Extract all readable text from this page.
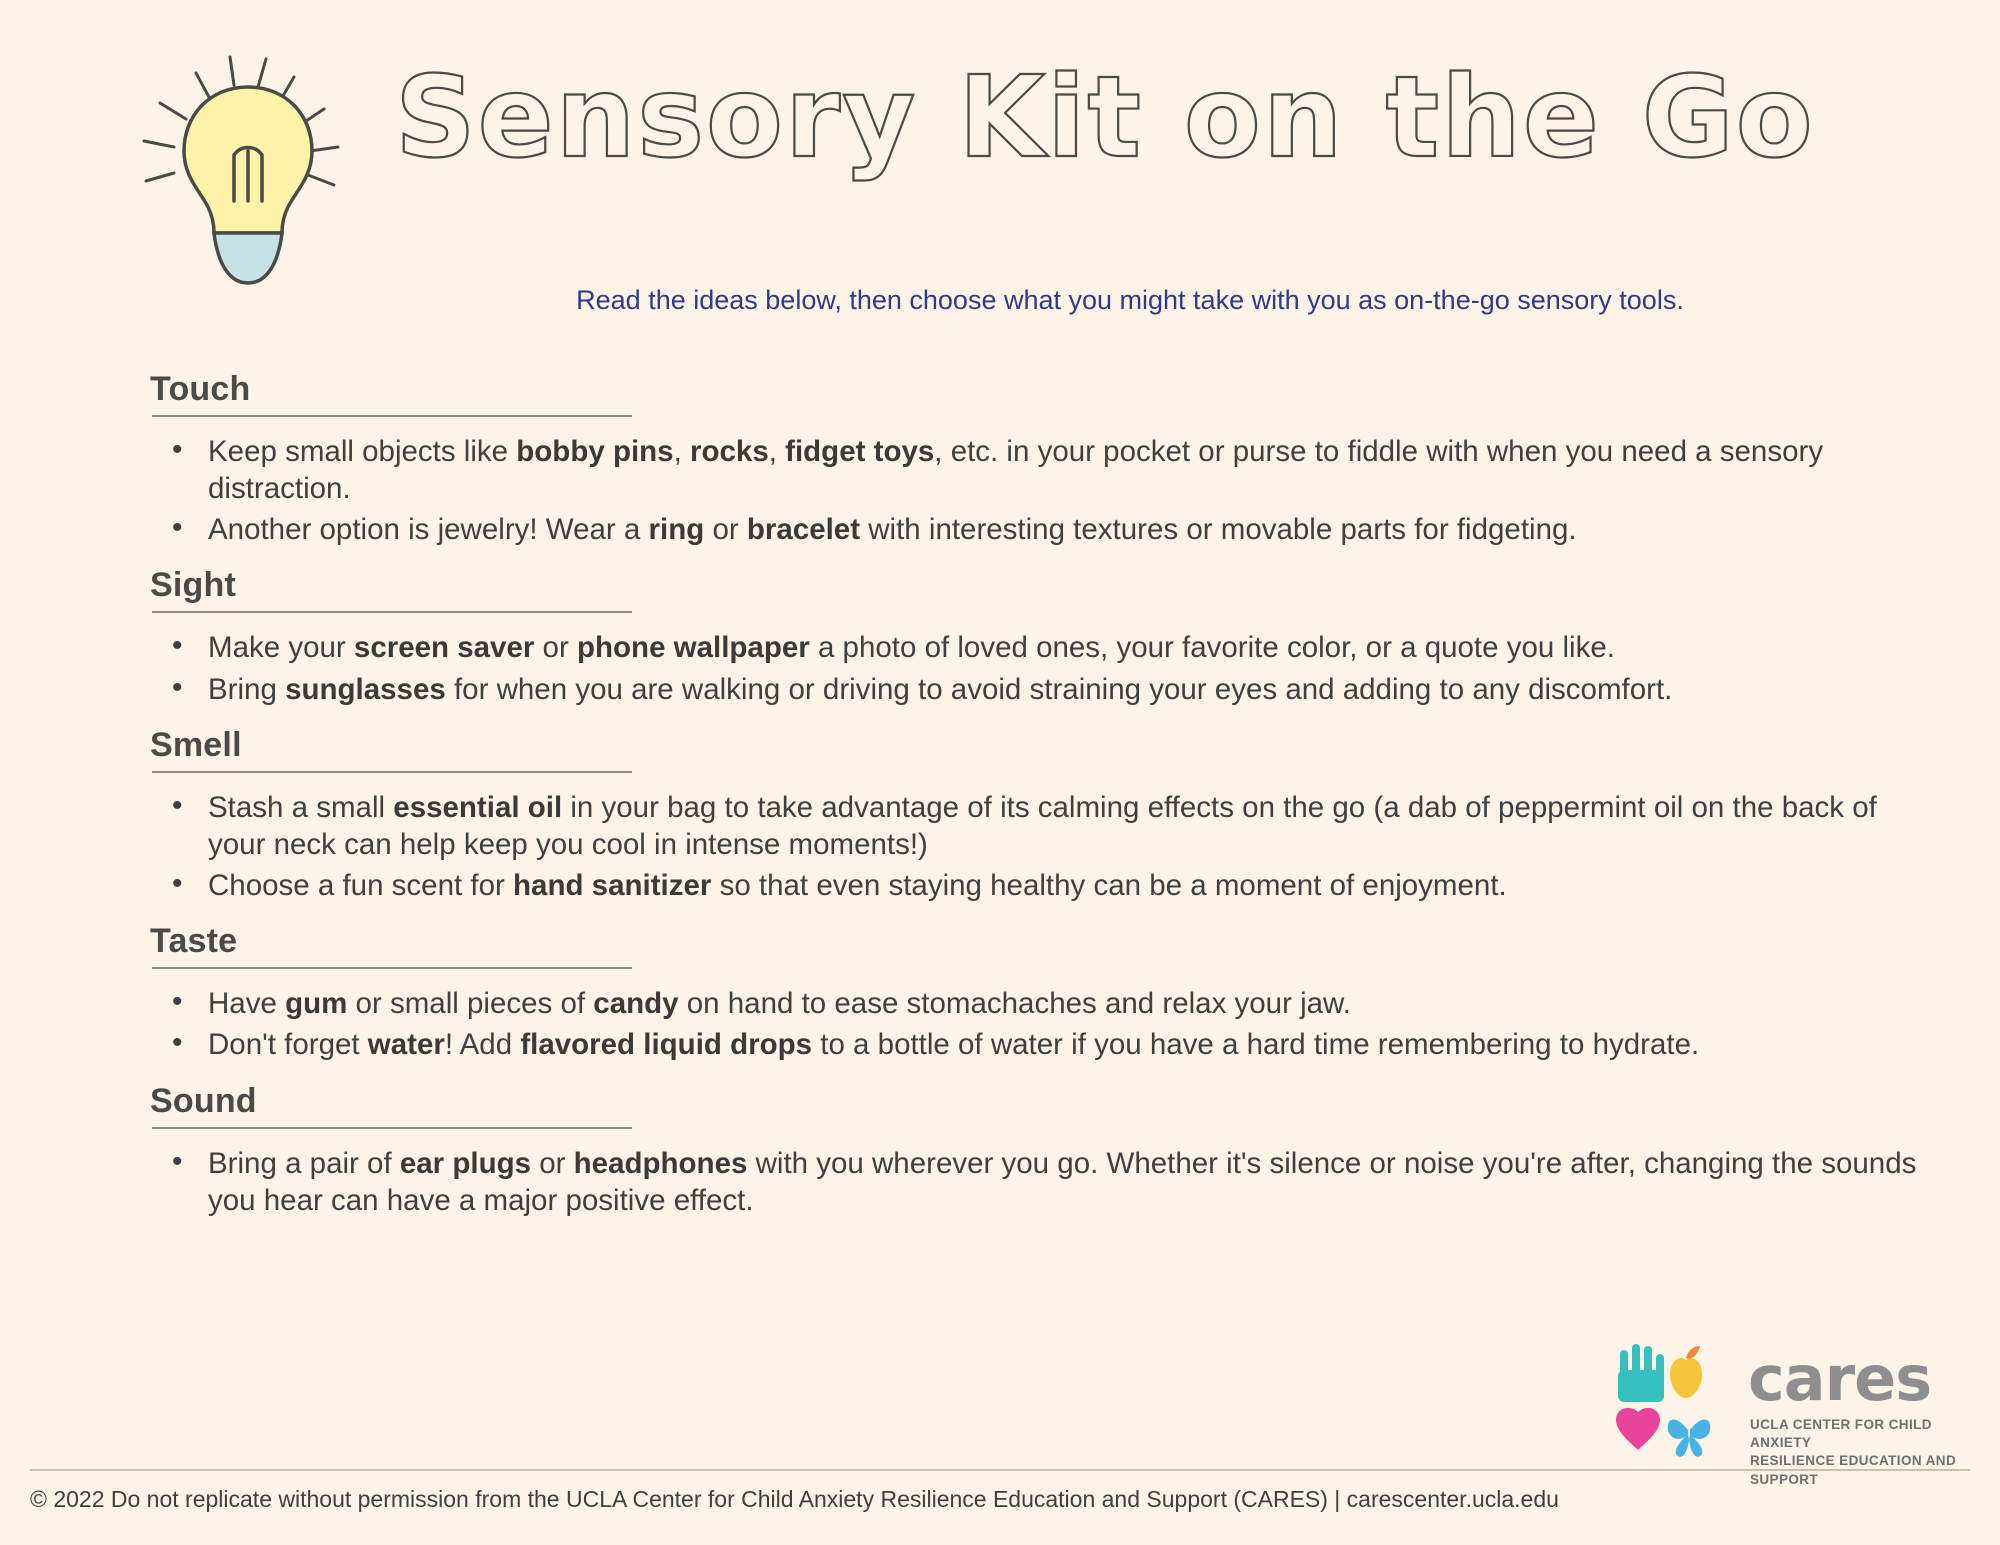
Sensory Kit on the Go
Read the ideas below, then choose what you might take with you as on-the-go sensory tools.
Touch
• Keep small objects like bobby pins, rocks, fidget toys, etc. in your pocket or purse to fiddle with when you need a sensory distraction.
• Another option is jewelry! Wear a ring or bracelet with interesting textures or movable parts for fidgeting.
Sight
• Make your screen saver or phone wallpaper a photo of loved ones, your favorite color, or a quote you like.
• Bring sunglasses for when you are walking or driving to avoid straining your eyes and adding to any discomfort.
Smell
• Stash a small essential oil in your bag to take advantage of its calming effects on the go (a dab of peppermint oil on the back of your neck can help keep you cool in intense moments!)
• Choose a fun scent for hand sanitizer so that even staying healthy can be a moment of enjoyment.
Taste
• Have gum or small pieces of candy on hand to ease stomachaches and relax your jaw.
• Don't forget water! Add flavored liquid drops to a bottle of water if you have a hard time remembering to hydrate.
Sound
• Bring a pair of ear plugs or headphones with you wherever you go. Whether it's silence or noise you're after, changing the sounds you hear can have a major positive effect.
© 2022 Do not replicate without permission from the UCLA Center for Child Anxiety Resilience Education and Support (CARES) | carescenter.ucla.edu
cares
UCLA CENTER FOR CHILD ANXIETY
RESILIENCE EDUCATION AND SUPPORT
